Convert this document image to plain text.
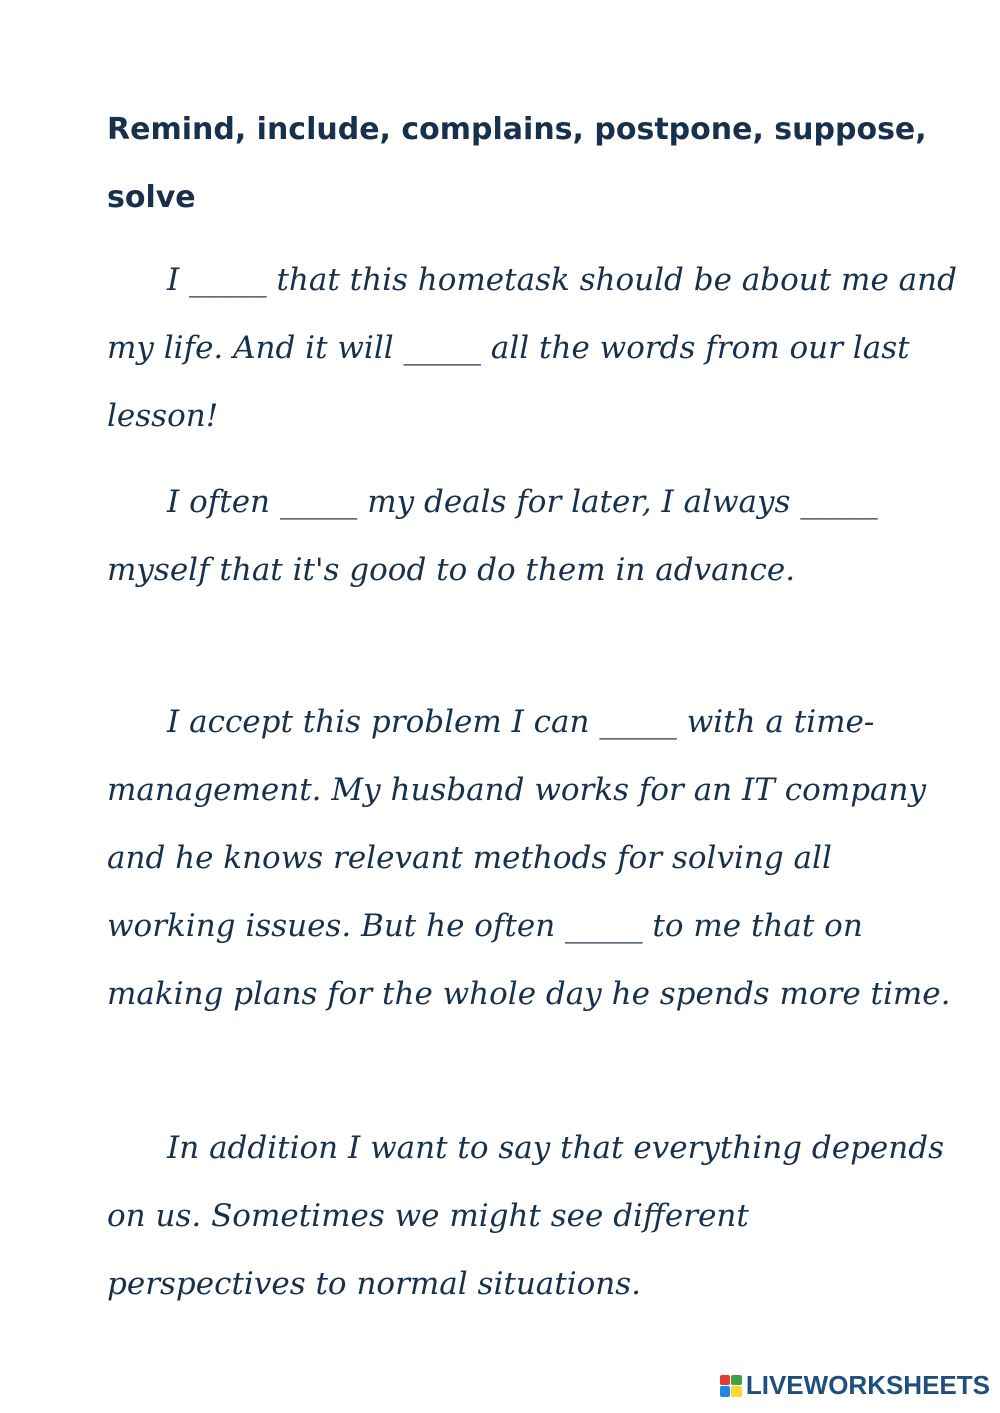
Remind, include, complains, postpone, suppose, solve

I _____ that this hometask should be about me and my life. And it will _____ all the words from our last lesson!

I often _____ my deals for later, I always _____ myself that it's good to do them in advance.

I accept this problem I can _____ with a time-management. My husband works for an IT company and he knows relevant methods for solving all working issues. But he often _____ to me that on making plans for the whole day he spends more time.

In addition I want to say that everything depends on us. Sometimes we might see different perspectives to normal situations.

LIVEWORKSHEETS
